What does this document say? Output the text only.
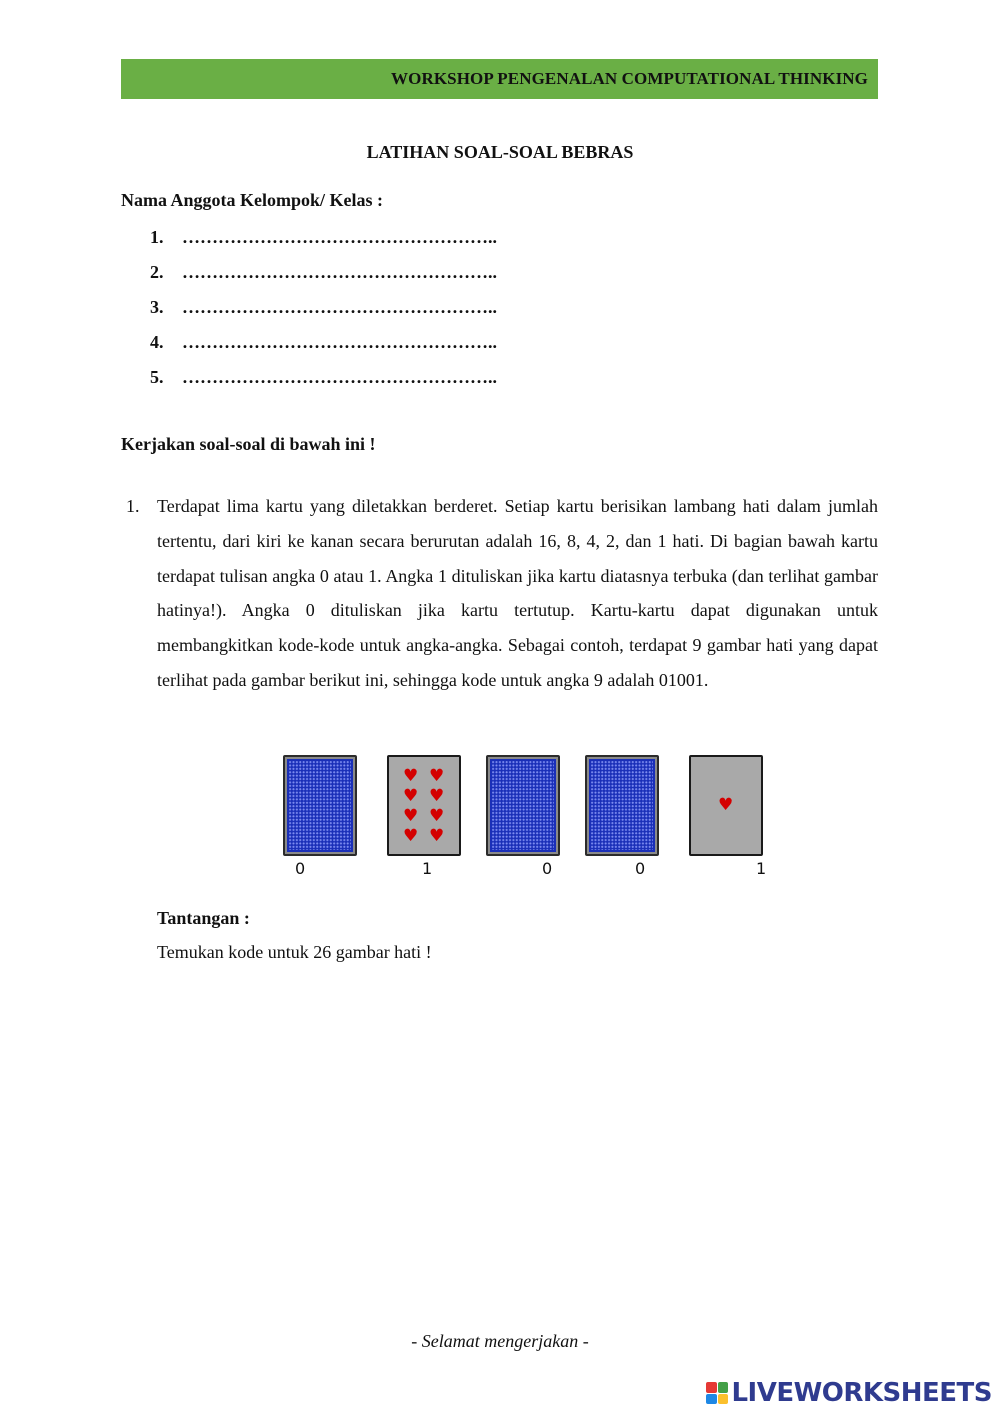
WORKSHOP PENGENALAN COMPUTATIONAL THINKING
LATIHAN SOAL-SOAL BEBRAS
Nama Anggota Kelompok/ Kelas :
1.	……………………………………………..
2.	……………………………………………..
3.	……………………………………………..
4.	……………………………………………..
5.	……………………………………………..
Kerjakan soal-soal di bawah ini !
1. Terdapat lima kartu yang diletakkan berderet. Setiap kartu berisikan lambang hati dalam jumlah tertentu, dari kiri ke kanan secara berurutan adalah 16, 8, 4, 2, dan 1 hati. Di bagian bawah kartu terdapat tulisan angka 0 atau 1. Angka 1 dituliskan jika kartu diatasnya terbuka (dan terlihat gambar hatinya!). Angka 0 dituliskan jika kartu tertutup. Kartu-kartu dapat digunakan untuk membangkitkan kode-kode untuk angka-angka. Sebagai contoh, terdapat 9 gambar hati yang dapat terlihat pada gambar berikut ini, sehingga kode untuk angka 9 adalah 01001.
♥ ♥
♥ ♥
♥ ♥
♥ ♥
♥
0	1	0	0	1
Tantangan :
Temukan kode untuk 26 gambar hati !
- Selamat mengerjakan -
LIVEWORKSHEETS
